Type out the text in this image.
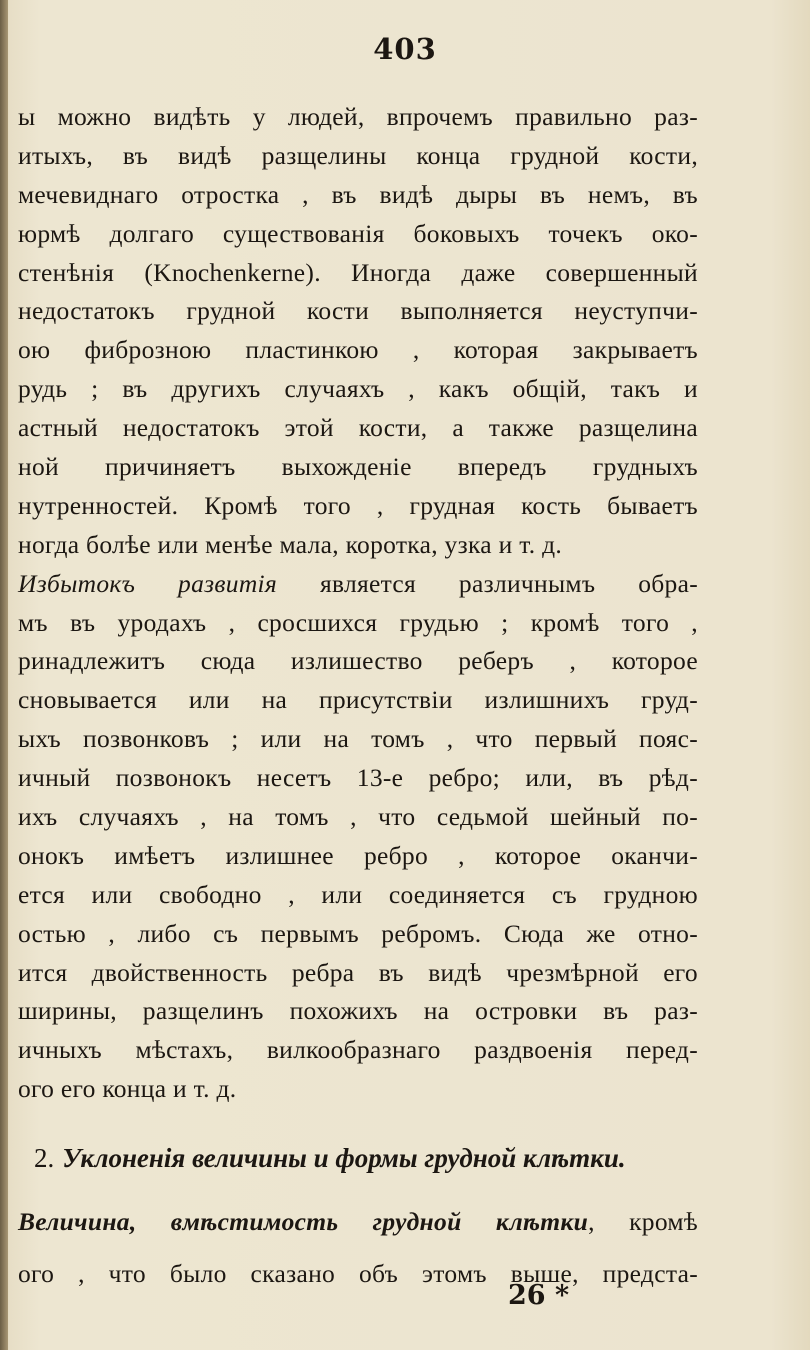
403
ы можно видѣть у людей, впрочемъ правильно раз-
итыхъ, въ видѣ разщелины конца грудной кости,
мечевиднаго отростка , въ видѣ дыры въ немъ, въ
юрмѣ долгаго существованія боковыхъ точекъ око-
стенѣнія (Knochenkerne). Иногда даже совершенный
недостатокъ грудной кости выполняется неуступчи-
ою фиброзною пластинкою , которая закрываетъ
рудь ; въ другихъ случаяхъ , какъ общій, такъ и
астный недостатокъ этой кости, а также разщелина
ной причиняетъ выхожденіе впередъ грудныхъ
нутренностей. Кромѣ того , грудная кость бываетъ
ногда болѣе или менѣе мала, коротка, узка и т. д.
Избытокъ развитія является различнымъ обра-
мъ въ уродахъ , сросшихся грудью ; кромѣ того ,
ринадлежитъ сюда излишество реберъ , которое
снoвывается или на присутствіи излишнихъ груд-
ыхъ позвонковъ ; или на томъ , что первый пояс-
ичный позвонокъ несетъ 13-е ребро; или, въ рѣд-
ихъ случаяхъ , на томъ , что седьмой шейный по-
онокъ имѣетъ излишнее ребро , которое оканчи-
ется или свободно , или соединяется съ грудною
остью , либо съ первымъ ребромъ. Сюда же отно-
ится двойственность ребра въ видѣ чрезмѣрной его
ширины, разщелинъ похожихъ на островки въ раз-
ичныхъ мѣстахъ, вилкообразнаго раздвоенія перед-
ого его конца и т. д.
2. Уклоненія величины и формы грудной клѣтки.
Величина, вмѣстимость грудной клѣтки, кромѣ
ого , что было сказано объ этомъ выше, предста-
26 *
